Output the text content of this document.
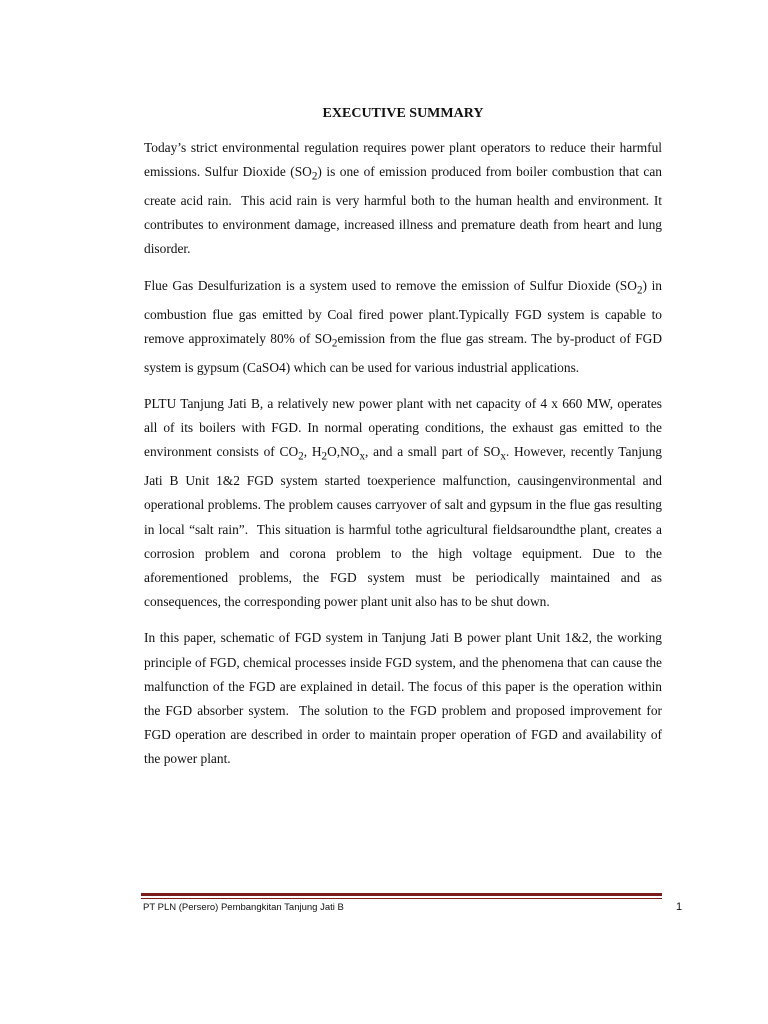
EXECUTIVE SUMMARY

Today’s strict environmental regulation requires power plant operators to reduce their harmful emissions. Sulfur Dioxide $(SO_2)$ is one of emission produced from boiler combustion that can create acid rain.  This acid rain is very harmful both to the human health and environment. It contributes to environment damage, increased illness and premature death from heart and lung disorder.

Flue Gas Desulfurization is a system used to remove the emission of Sulfur Dioxide $(SO_2)$ in combustion flue gas emitted by Coal fired power plant.Typically FGD system is capable to remove approximately 80% of $SO_2emission$ from the flue gas stream. The by-product of FGD system is gypsum (CaSO4) which can be used for various industrial applications.

PLTU Tanjung Jati B, a relatively new power plant with net capacity of 4 x 660 MW, operates all of its boilers with FGD. In normal operating conditions, the exhaust gas emitted to the environment consists of $CO_2$, $H_2O,NO_x$, and a small part of $SO_x$. However, recently Tanjung Jati B Unit 1&2 FGD system started toexperience malfunction, causingenvironmental and operational problems. The problem causes carryover of salt and gypsum in the flue gas resulting in local “salt rain”.  This situation is harmful tothe agricultural fieldsaroundthe plant, creates a corrosion problem and corona problem to the high voltage equipment. Due to the aforementioned problems, the FGD system must be periodically maintained and as consequences, the corresponding power plant unit also has to be shut down.

In this paper, schematic of FGD system in Tanjung Jati B power plant Unit 1&2, the working principle of FGD, chemical processes inside FGD system, and the phenomena that can cause the malfunction of the FGD are explained in detail. The focus of this paper is the operation within the FGD absorber system.  The solution to the FGD problem and proposed improvement for FGD operation are described in order to maintain proper operation of FGD and availability of the power plant.

PT PLN (Persero) Pembangkitan Tanjung Jati B	1
